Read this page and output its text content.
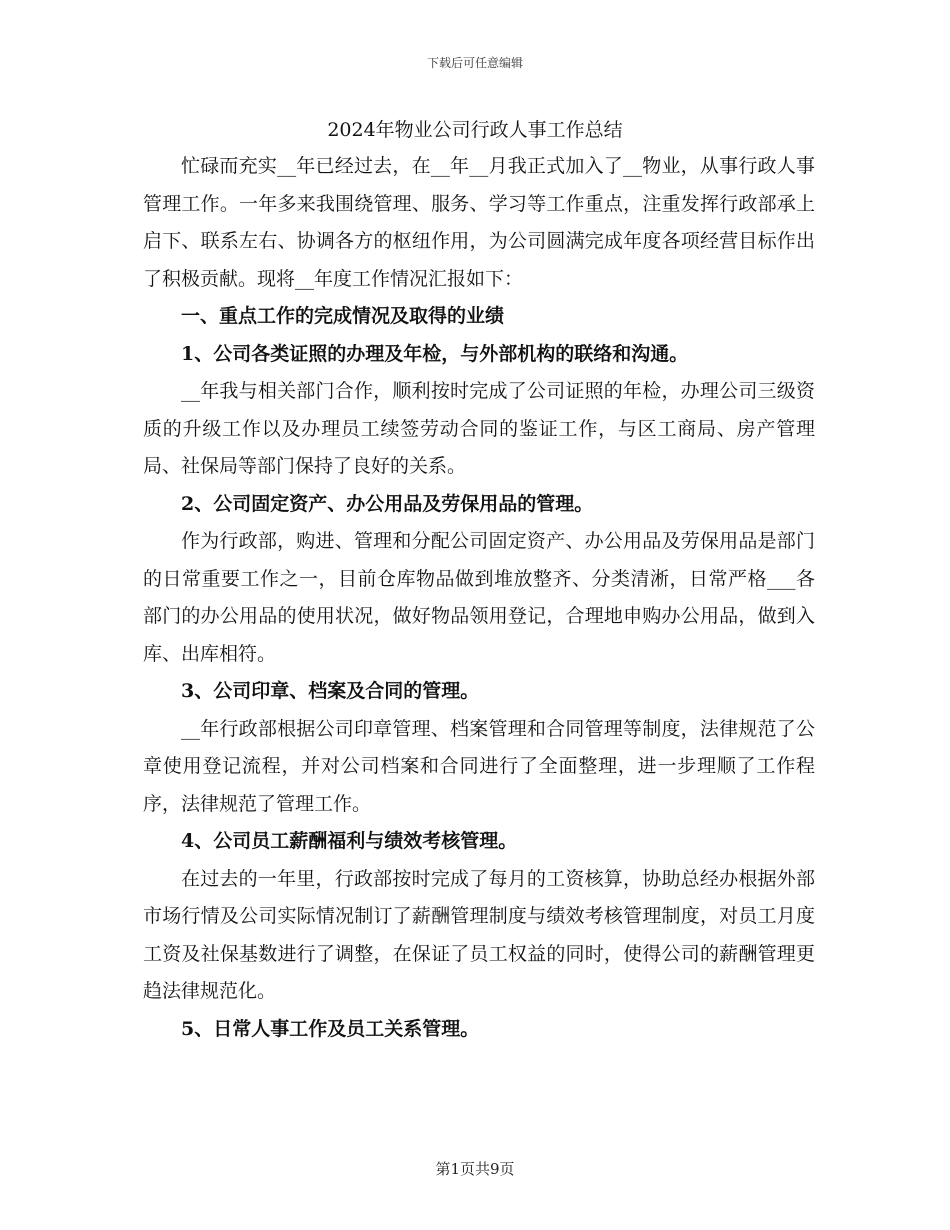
下载后可任意编辑
2024年物业公司行政人事工作总结

忙碌而充实__年已经过去，在__年__月我正式加入了__物业，从事行政人事管理工作。一年多来我围绕管理、服务、学习等工作重点，注重发挥行政部承上启下、联系左右、协调各方的枢纽作用，为公司圆满完成年度各项经营目标作出了积极贡献。现将__年度工作情况汇报如下：

一、重点工作的完成情况及取得的业绩

1、公司各类证照的办理及年检，与外部机构的联络和沟通。

__年我与相关部门合作，顺利按时完成了公司证照的年检，办理公司三级资质的升级工作以及办理员工续签劳动合同的鉴证工作，与区工商局、房产管理局、社保局等部门保持了良好的关系。

2、公司固定资产、办公用品及劳保用品的管理。

作为行政部，购进、管理和分配公司固定资产、办公用品及劳保用品是部门的日常重要工作之一，目前仓库物品做到堆放整齐、分类清淅，日常严格___各部门的办公用品的使用状况，做好物品领用登记，合理地申购办公用品，做到入库、出库相符。

3、公司印章、档案及合同的管理。

__年行政部根据公司印章管理、档案管理和合同管理等制度，法律规范了公章使用登记流程，并对公司档案和合同进行了全面整理，进一步理顺了工作程序，法律规范了管理工作。

4、公司员工薪酬福利与绩效考核管理。

在过去的一年里，行政部按时完成了每月的工资核算，协助总经办根据外部市场行情及公司实际情况制订了薪酬管理制度与绩效考核管理制度，对员工月度工资及社保基数进行了调整，在保证了员工权益的同时，使得公司的薪酬管理更趋法律规范化。

5、日常人事工作及员工关系管理。

第1页共9页
